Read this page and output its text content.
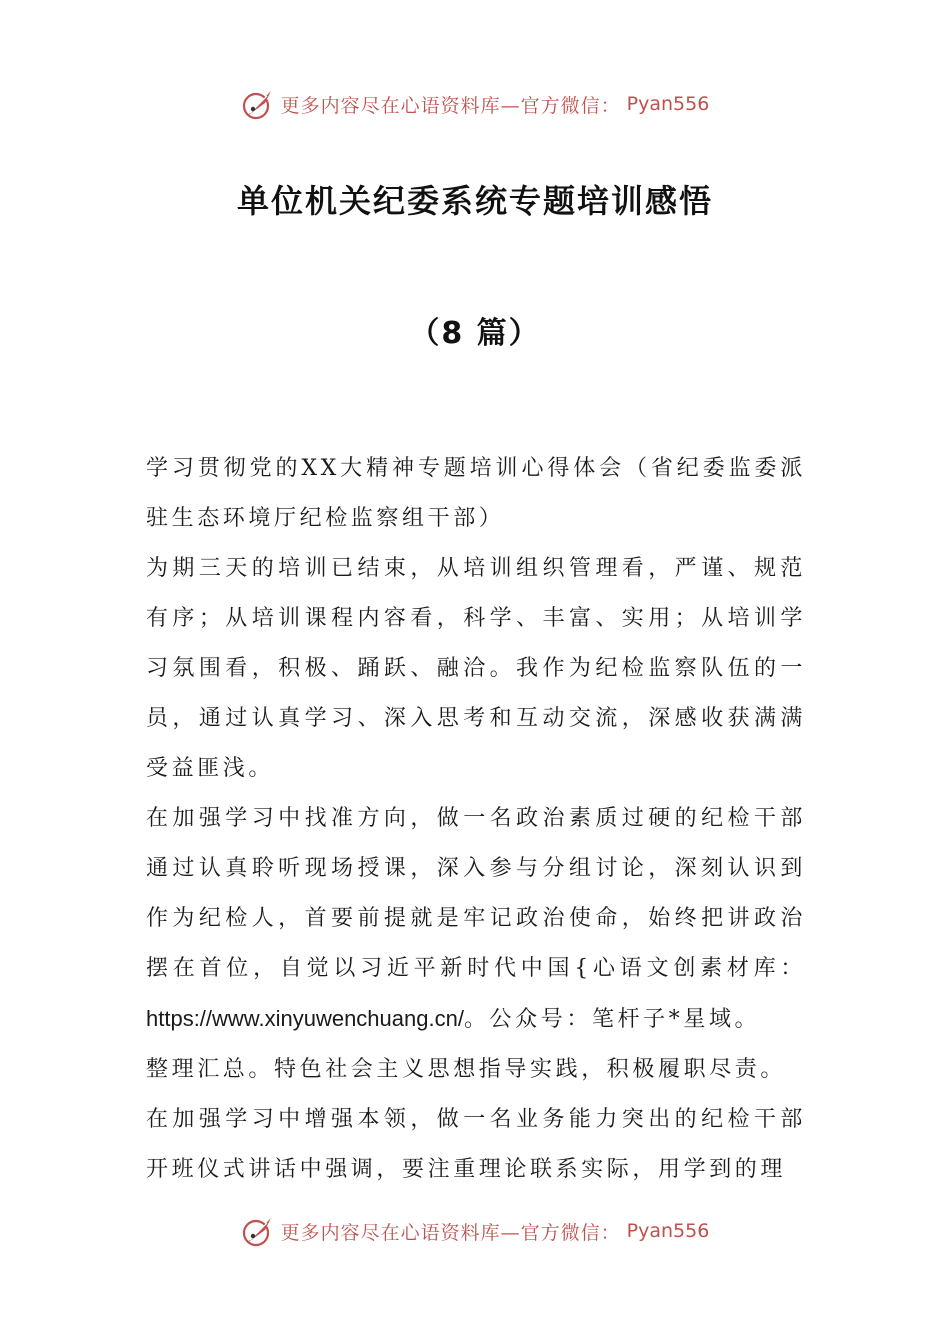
更多内容尽在心语资料库—官方微信： Pyan556
单位机关纪委系统专题培训感悟
（8 篇）

学习贯彻党的XX大精神专题培训心得体会（省纪委监委派驻生态环境厅纪检监察组干部）

为期三天的培训已结束，从培训组织管理看，严谨、规范有序；从培训课程内容看，科学、丰富、实用；从培训学习氛围看，积极、踊跃、融洽。我作为纪检监察队伍的一员，通过认真学习、深入思考和互动交流，深感收获满满受益匪浅。

在加强学习中找准方向，做一名政治素质过硬的纪检干部通过认真聆听现场授课，深入参与分组讨论，深刻认识到作为纪检人，首要前提就是牢记政治使命，始终把讲政治摆在首位，自觉以习近平新时代中国{心语文创素材库：https://www.xinyuwenchuang.cn/。公众号：笔杆子*星域。

整理汇总。特色社会主义思想指导实践，积极履职尽责。

在加强学习中增强本领，做一名业务能力突出的纪检干部开班仪式讲话中强调，要注重理论联系实际，用学到的理

更多内容尽在心语资料库—官方微信： Pyan556
